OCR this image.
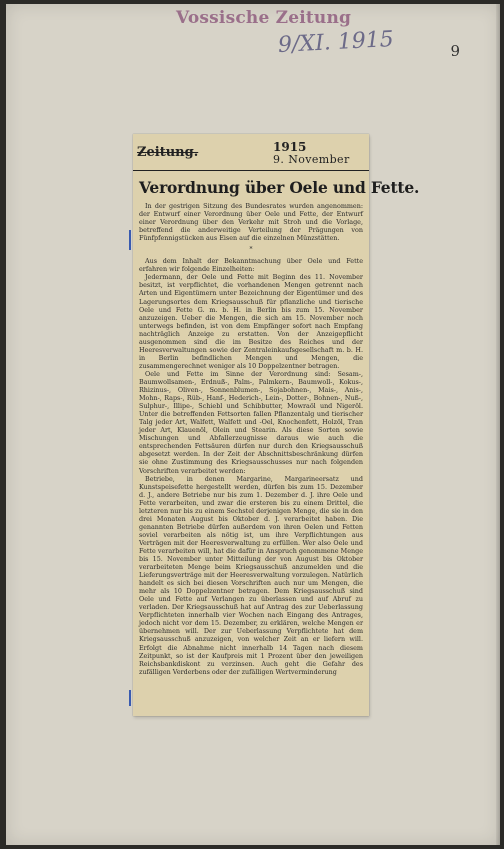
Vossische Zeitung
9/XI. 1915	9
Zeitung.	1915
9. November
Verordnung über Oele und Fette.

In der gestrigen Sitzung des Bundesrates wurden angenommen: der Entwurf einer Verordnung über Oele und Fette, der Entwurf einer Verordnung über den Verkehr mit Stroh und die Vorlage, betreffend die anderweitige Verteilung der Prägungen von Fünfpfennigstücken aus Eisen auf die einzelnen Münzstätten.

*

Aus dem Inhalt der Bekanntmachung über Oele und Fette erfahren wir folgende Einzelheiten:

Jedermann, der Oele und Fette mit Beginn des 11. November besitzt, ist verpflichtet, die vorhandenen Mengen getrennt nach Arten und Eigentümern unter Bezeichnung der Eigentümer und des Lagerungsortes dem Kriegsausschuß für pflanzliche und tierische Oele und Fette G. m. b. H. in Berlin bis zum 15. November anzuzeigen. Ueber die Mengen, die sich am 15. November noch unterwegs befinden, ist von dem Empfänger sofort nach Empfang nachträglich Anzeige zu erstatten. Von der Anzeigepflicht ausgenommen sind die im Besitze des Reiches und der Heeresverwaltungen sowie der Zentraleinkaufsgesellschaft m. b. H. in Berlin befindlichen Mengen und Mengen, die zusammengerechnet weniger als 10 Doppelzentner betragen.

Oele und Fette im Sinne der Verordnung sind: Sesam-, Baumwollsamen-, Erdnuß-, Palm-, Palmkern-, Baumwoll-, Kokus-, Rhizinus-, Oliven-, Sonnenblumen-, Sojabohnen-, Mais-, Anis-, Mohn-, Raps-, Rüb-, Hanf-, Hederich-, Lein-, Dotter-, Bohnen-, Nuß-, Sulphur-, Illipe-, Schiebl und Schibbutter, Mowraöl und Nigeröl. Unter die betreffenden Fettsorten fallen Pflanzentalg und tierischer Talg jeder Art, Walfett, Walfett und -Oel, Knochenfett, Holzöl, Tran jeder Art, Klauenöl, Olein und Stearin. Als diese Sorten sowie Mischungen und Abfallerzeugnisse daraus wie auch die entsprechenden Fettsäuren dürfen nur durch den Kriegsausschuß abgesetzt werden. In der Zeit der Abschnittsbeschränkung dürfen sie ohne Zustimmung des Kriegsausschusses nur nach folgenden Vorschriften verarbeitet werden:

Betriebe, in denen Margarine, Margarineersatz und Kunstspeisefette hergestellt werden, dürfen bis zum 15. Dezember d. J., andere Betriebe nur bis zum 1. Dezember d. J. ihre Oele und Fette verarbeiten, und zwar die ersteren bis zu einem Drittel, die letzteren nur bis zu einem Sechstel derjenigen Menge, die sie in den drei Monaten August bis Oktober d. J. verarbeitet haben. Die genannten Betriebe dürfen außerdem von ihren Oelen und Fetten soviel verarbeiten als nötig ist, um ihre Verpflichtungen aus Verträgen mit der Heeresverwaltung zu erfüllen. Wer also Oele und Fette verarbeiten will, hat die dafür in Anspruch genommene Menge bis 15. November unter Mitteilung der von August bis Oktober verarbeiteten Menge beim Kriegsausschuß anzumelden und die Lieferungsverträge mit der Heeresverwaltung vorzulegen. Natürlich handelt es sich bei diesen Vorschriften auch nur um Mengen, die mehr als 10 Doppelzentner betragen. Dem Kriegsausschuß sind Oele und Fette auf Verlangen zu überlassen und auf Abruf zu verladen. Der Kriegsausschuß hat auf Antrag des zur Ueberlassung Verpflichteten innerhalb vier Wochen nach Eingang des Antrages, jedoch nicht vor dem 15. Dezember, zu erklären, welche Mengen er übernehmen will. Der zur Ueberlassung Verpflichtete hat dem Kriegsausschuß anzuzeigen, von welcher Zeit an er liefern will. Erfolgt die Abnahme nicht innerhalb 14 Tagen nach diesem Zeitpunkt, so ist der Kaufpreis mit 1 Prozent über den jeweiligen Reichsbankdiskont zu verzinsen. Auch geht die Gefahr des zufälligen Verderbens oder der zufälligen Wertverminderung
